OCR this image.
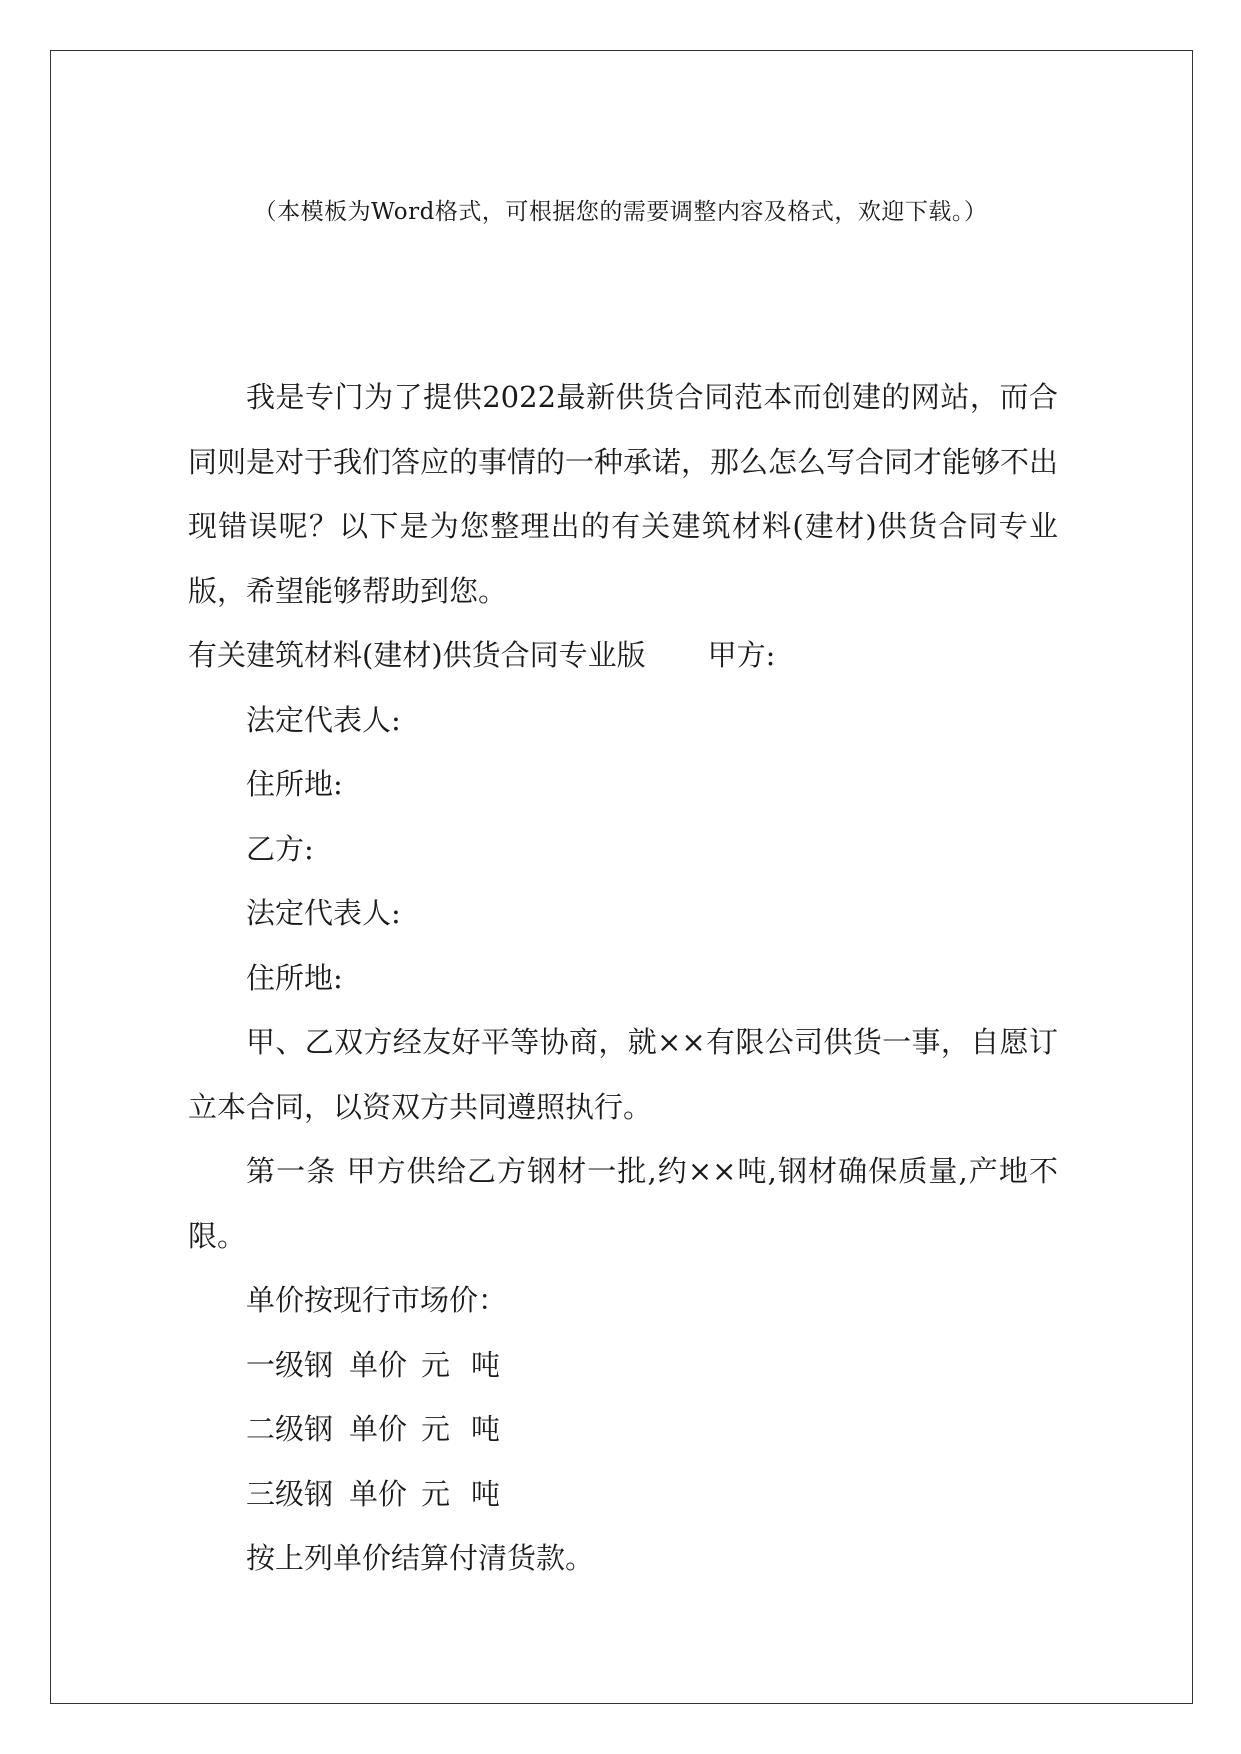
（本模板为Word格式，可根据您的需要调整内容及格式，欢迎下载。）

我是专门为了提供2022最新供货合同范本而创建的网站，而合同则是对于我们答应的事情的一种承诺，那么怎么写合同才能够不出现错误呢？以下是为您整理出的有关建筑材料(建材)供货合同专业版，希望能够帮助到您。

有关建筑材料(建材)供货合同专业版 甲方:

法定代表人:

住所地:

乙方:

法定代表人:

住所地:

甲、乙双方经友好平等协商，就××有限公司供货一事，自愿订立本合同，以资双方共同遵照执行。

第一条 甲方供给乙方钢材一批,约××吨,钢材确保质量,产地不限。

单价按现行市场价：

一级钢 单价 元 吨

二级钢 单价 元 吨

三级钢 单价 元 吨

按上列单价结算付清货款。
